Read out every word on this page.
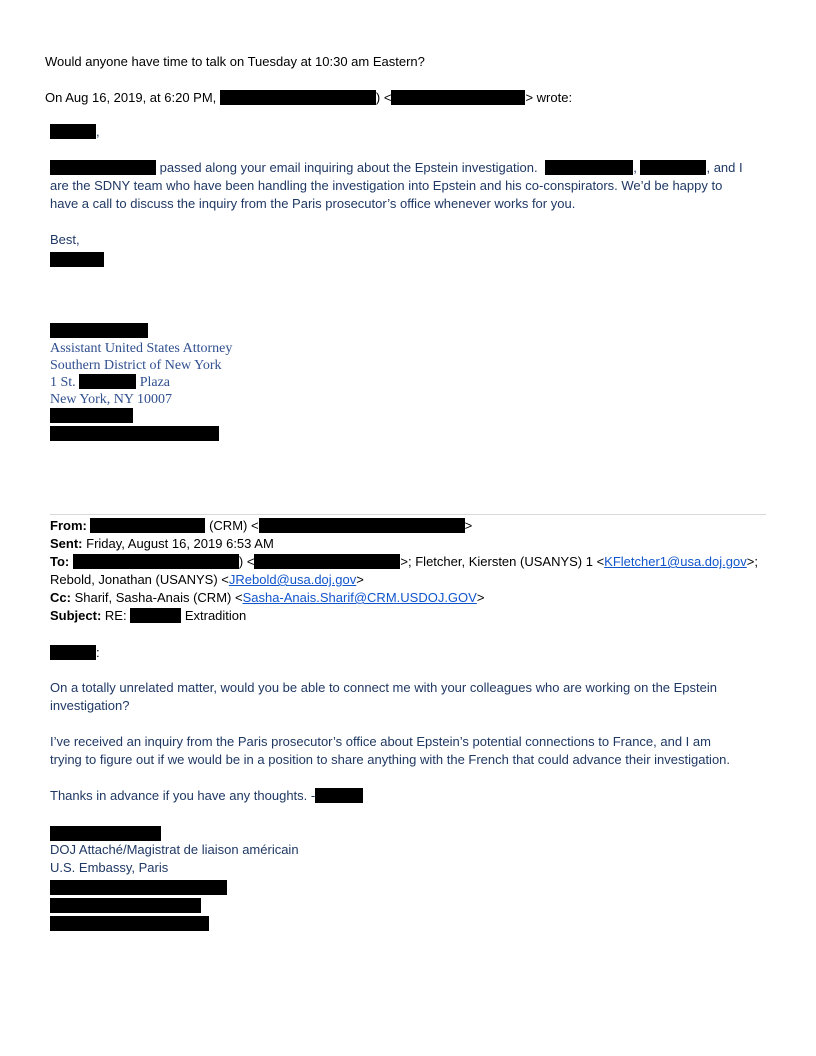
Would anyone have time to talk on Tuesday at 10:30 am Eastern?
On Aug 16, 2019, at 6:20 PM,	) <	> wrote:
,
passed along your email inquiring about the Epstein investigation.	,	, and I
are the SDNY team who have been handling the investigation into Epstein and his co-conspirators. We’d be happy to
have a call to discuss the inquiry from the Paris prosecutor’s office whenever works for you.
Best,
Assistant United States Attorney
Southern District of New York
1 St.	Plaza
New York, NY 10007
From:	(CRM) <	>
Sent: Friday, August 16, 2019 6:53 AM
To:	) <	>; Fletcher, Kiersten (USANYS) 1 <KFletcher1@usa.doj.gov>;
Rebold, Jonathan (USANYS) <JRebold@usa.doj.gov>
Cc: Sharif, Sasha-Anais (CRM) <Sasha-Anais.Sharif@CRM.USDOJ.GOV>
Subject: RE:	Extradition
:
On a totally unrelated matter, would you be able to connect me with your colleagues who are working on the Epstein
investigation?
I’ve received an inquiry from the Paris prosecutor’s office about Epstein’s potential connections to France, and I am
trying to figure out if we would be in a position to share anything with the French that could advance their investigation.
Thanks in advance if you have any thoughts. -
DOJ Attaché/Magistrat de liaison américain
U.S. Embassy, Paris
